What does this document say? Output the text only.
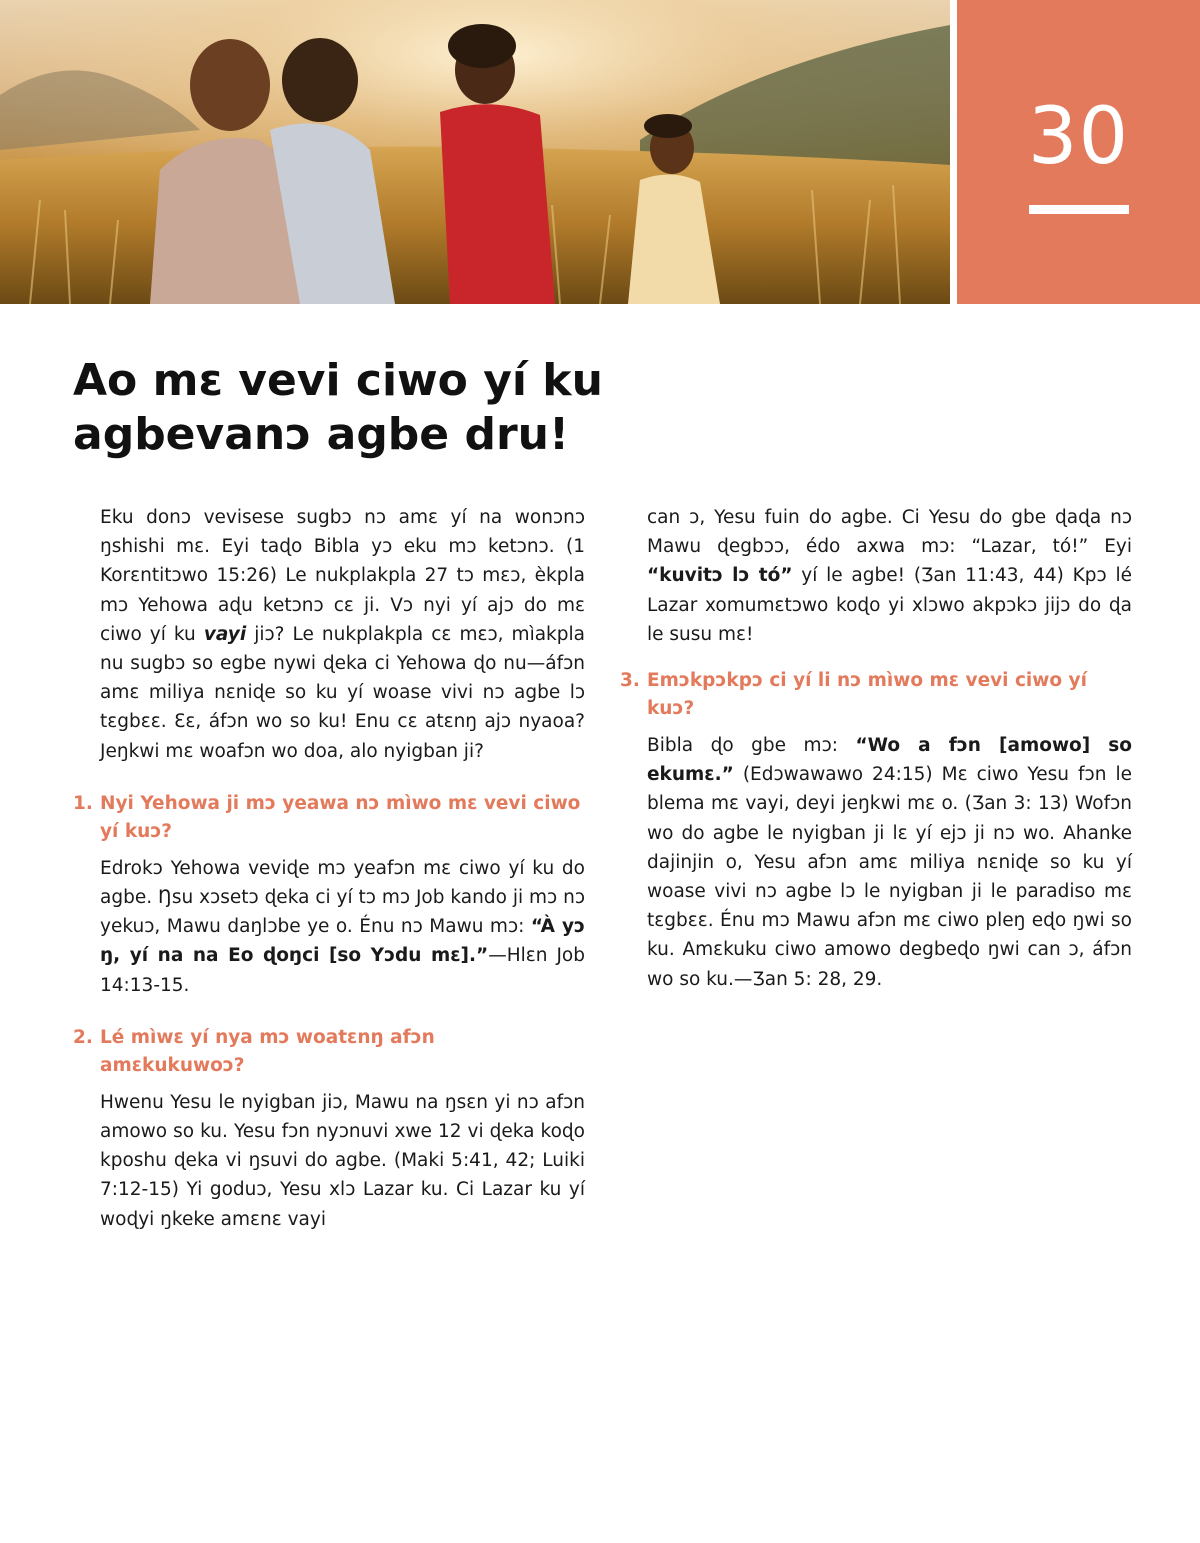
30
Ao mɛ vevi ciwo yí ku agbevanɔ agbe dru!

Eku donɔ vevisese sugbɔ nɔ amɛ yí na wonɔnɔ ŋshishi mɛ. Eyi taɖo Bibla yɔ eku mɔ ketɔnɔ. (1 Korɛntitɔwo 15:26) Le nukplakpla 27 tɔ mɛɔ, èkpla mɔ Yehowa aɖu ketɔnɔ cɛ ji. Vɔ nyi yí ajɔ do mɛ ciwo yí ku vayi jiɔ? Le nukplakpla cɛ mɛɔ, mìakpla nu sugbɔ so egbe nywi ɖeka ci Yehowa ɖo nu—áfɔn amɛ miliya nɛniɖe so ku yí woase vivi nɔ agbe lɔ tɛgbɛɛ. Ɛɛ, áfɔn wo so ku! Enu cɛ atɛnŋ ajɔ nyaoa? Jeŋkwi mɛ woafɔn wo doa, alo nyigban ji?

1. Nyi Yehowa ji mɔ yeawa nɔ mìwo mɛ vevi ciwo yí kuɔ?

Edrokɔ Yehowa veviɖe mɔ yeafɔn mɛ ciwo yí ku do agbe. Ŋsu xɔsetɔ ɖeka ci yí tɔ mɔ Job kando ji mɔ nɔ yekuɔ, Mawu daŋlɔbe ye o. Énu nɔ Mawu mɔ: “À yɔ ŋ, yí na na Eo ɖoŋci [so Yɔdu mɛ].”—Hlɛn Job 14:13-15.

2. Lé mìwɛ yí nya mɔ woatɛnŋ afɔn amɛkukuwoɔ?

Hwenu Yesu le nyigban jiɔ, Mawu na ŋsɛn yi nɔ afɔn amowo so ku. Yesu fɔn nyɔnuvi xwe 12 vi ɖeka koɖo kposhu ɖeka vi ŋsuvi do agbe. (Maki 5:41, 42; Luiki 7:12-15) Yi goduɔ, Yesu xlɔ Lazar ku. Ci Lazar ku yí woɖyi ŋkeke amɛnɛ vayi

can ɔ, Yesu fuin do agbe. Ci Yesu do gbe ɖaɖa nɔ Mawu ɖegbɔɔ, édo axwa mɔ: “Lazar, tó!” Eyi “kuvitɔ lɔ tó” yí le agbe! (Ʒan 11:43, 44) Kpɔ lé Lazar xomumɛtɔwo koɖo yi xlɔwo akpɔkɔ jijɔ do ɖa le susu mɛ!

3. Emɔkpɔkpɔ ci yí li nɔ mìwo mɛ vevi ciwo yí kuɔ?

Bibla ɖo gbe mɔ: “Wo a fɔn [amowo] so ekumɛ.” (Edɔwawawo 24:15) Mɛ ciwo Yesu fɔn le blema mɛ vayi, deyi jeŋkwi mɛ o. (Ʒan 3: 13) Wofɔn wo do agbe le nyigban ji lɛ yí ejɔ ji nɔ wo. Ahanke dajinjin o, Yesu afɔn amɛ miliya nɛniɖe so ku yí woase vivi nɔ agbe lɔ le nyigban ji le paradiso mɛ tɛgbɛɛ. Énu mɔ Mawu afɔn mɛ ciwo pleŋ eɖo ŋwi so ku. Amɛkuku ciwo amowo degbeɖo ŋwi can ɔ, áfɔn wo so ku.—Ʒan 5: 28, 29.
